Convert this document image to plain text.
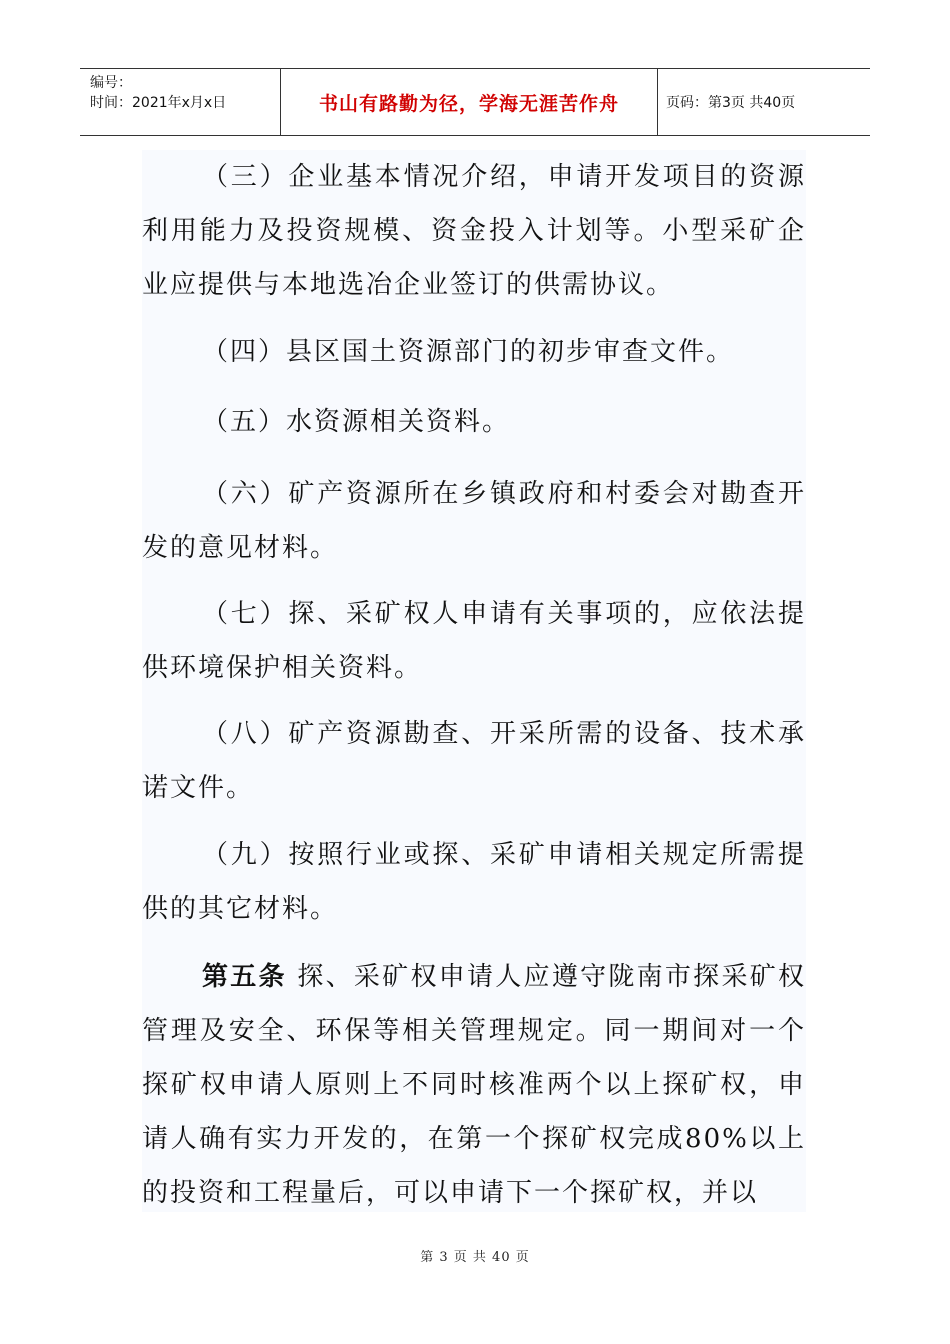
编号：
时间：2021年x月x日	书山有路勤为径，学海无涯苦作舟	页码：第3页 共40页

（三）企业基本情况介绍，申请开发项目的资源利用能力及投资规模、资金投入计划等。小型采矿企业应提供与本地选冶企业签订的供需协议。

（四）县区国土资源部门的初步审查文件。

（五）水资源相关资料。

（六）矿产资源所在乡镇政府和村委会对勘查开发的意见材料。

（七）探、采矿权人申请有关事项的，应依法提供环境保护相关资料。

（八）矿产资源勘查、开采所需的设备、技术承诺文件。

（九）按照行业或探、采矿申请相关规定所需提供的其它材料。

第五条 探、采矿权申请人应遵守陇南市探采矿权管理及安全、环保等相关管理规定。同一期间对一个探矿权申请人原则上不同时核准两个以上探矿权，申请人确有实力开发的，在第一个探矿权完成80%以上的投资和工程量后，可以申请下一个探矿权，并以

第 3 页 共 40 页
